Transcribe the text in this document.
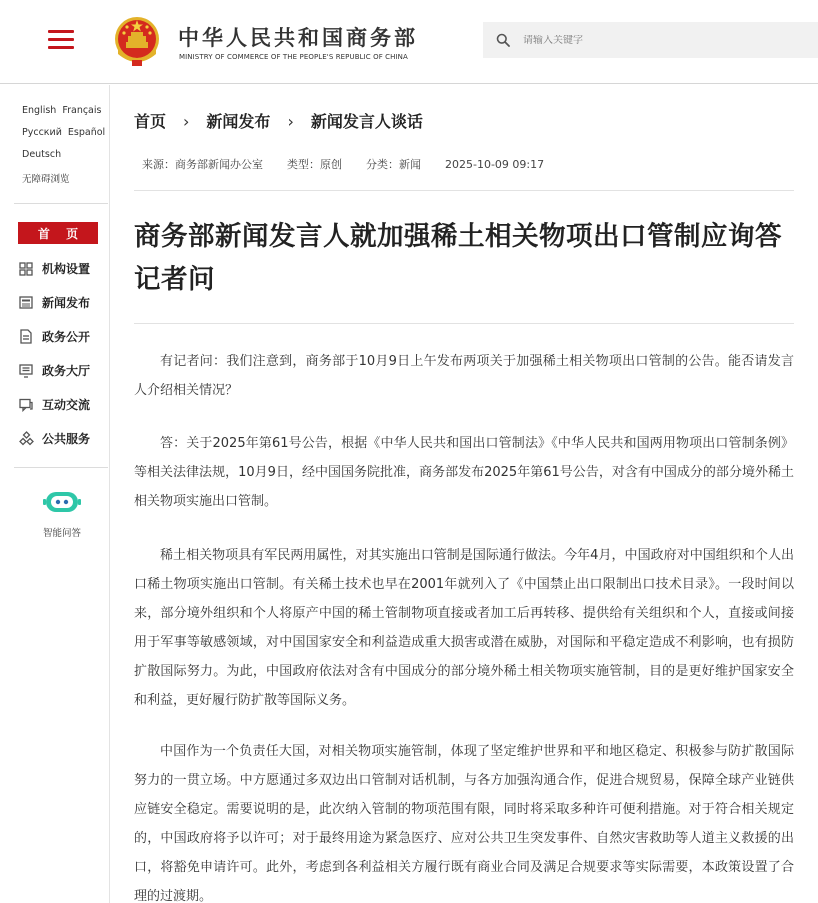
中华人民共和国商务部
MINISTRY OF COMMERCE OF THE PEOPLE'S REPUBLIC OF CHINA
请输入关键字
English Français
Русский Español
Deutsch
无障碍浏览
首 页
机构设置
新闻发布
政务公开
政务大厅
互动交流
公共服务
智能问答
首页 › 新闻发布 › 新闻发言人谈话
来源：商务部新闻办公室 类型：原创 分类：新闻 2025-10-09 09:17
商务部新闻发言人就加强稀土相关物项出口管制应询答记者问

有记者问：我们注意到，商务部于10月9日上午发布两项关于加强稀土相关物项出口管制的公告。能否请发言人介绍相关情况？

答：关于2025年第61号公告，根据《中华人民共和国出口管制法》《中华人民共和国两用物项出口管制条例》等相关法律法规，10月9日，经中国国务院批准，商务部发布2025年第61号公告，对含有中国成分的部分境外稀土相关物项实施出口管制。

稀土相关物项具有军民两用属性，对其实施出口管制是国际通行做法。今年4月，中国政府对中国组织和个人出口稀土物项实施出口管制。有关稀土技术也早在2001年就列入了《中国禁止出口限制出口技术目录》。一段时间以来，部分境外组织和个人将原产中国的稀土管制物项直接或者加工后再转移、提供给有关组织和个人，直接或间接用于军事等敏感领域，对中国国家安全和利益造成重大损害或潜在威胁，对国际和平稳定造成不利影响，也有损防扩散国际努力。为此，中国政府依法对含有中国成分的部分境外稀土相关物项实施管制，目的是更好维护国家安全和利益，更好履行防扩散等国际义务。

中国作为一个负责任大国，对相关物项实施管制，体现了坚定维护世界和平和地区稳定、积极参与防扩散国际努力的一贯立场。中方愿通过多双边出口管制对话机制，与各方加强沟通合作，促进合规贸易，保障全球产业链供应链安全稳定。需要说明的是，此次纳入管制的物项范围有限，同时将采取多种许可便利措施。对于符合相关规定的，中国政府将予以许可；对于最终用途为紧急医疗、应对公共卫生突发事件、自然灾害救助等人道主义救援的出口，将豁免申请许可。此外，考虑到各利益相关方履行既有商业合同及满足合规要求等实际需要，本政策设置了合理的过渡期。
